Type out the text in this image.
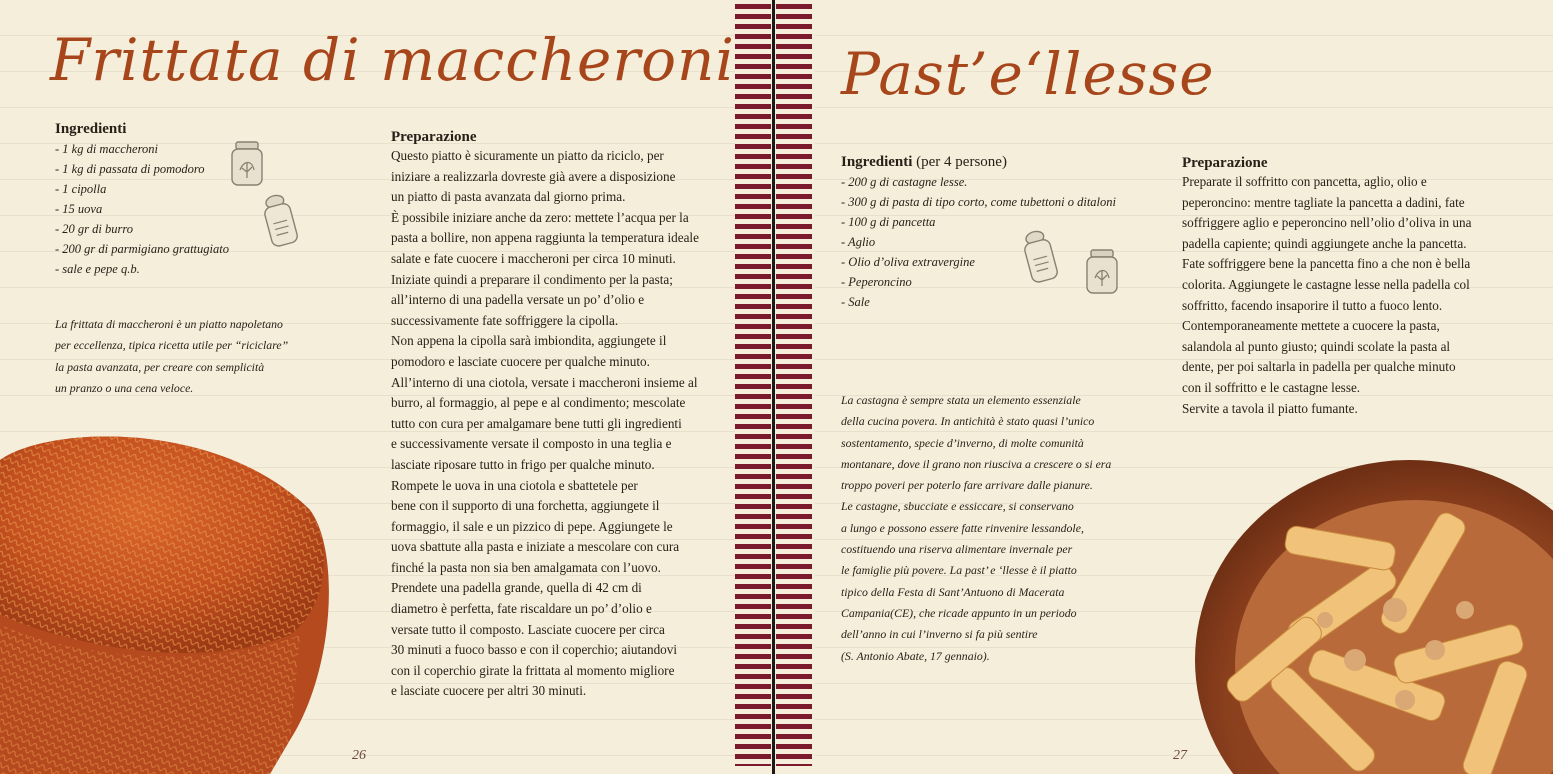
Frittata di maccheroni
Ingredienti
- 1 kg di maccheroni
- 1 kg di passata di pomodoro
- 1 cipolla
- 15 uova
- 20 gr di burro
- 200 gr di parmigiano grattugiato
- sale e pepe q.b.
La frittata di maccheroni è un piatto napoletano
per eccellenza, tipica ricetta utile per “riciclare”
la pasta avanzata, per creare con semplicità
un pranzo o una cena veloce.
Preparazione

Questo piatto è sicuramente un piatto da riciclo, per

iniziare a realizzarla dovreste già avere a disposizione

un piatto di pasta avanzata dal giorno prima.

È possibile iniziare anche da zero: mettete l’acqua per la

pasta a bollire, non appena raggiunta la temperatura ideale

salate e fate cuocere i maccheroni per circa 10 minuti.

Iniziate quindi a preparare il condimento per la pasta;

all’interno di una padella versate un po’ d’olio e

successivamente fate soffriggere la cipolla.

Non appena la cipolla sarà imbiondita, aggiungete il

pomodoro e lasciate cuocere per qualche minuto.

All’interno di una ciotola, versate i maccheroni insieme al

burro, al formaggio, al pepe e al condimento; mescolate

tutto con cura per amalgamare bene tutti gli ingredienti

e successivamente versate il composto in una teglia e

lasciate riposare tutto in frigo per qualche minuto.

Rompete le uova in una ciotola e sbattetele per

bene con il supporto di una forchetta, aggiungete il

formaggio, il sale e un pizzico di pepe. Aggiungete le

uova sbattute alla pasta e iniziate a mescolare con cura

finché la pasta non sia ben amalgamata con l’uovo.

Prendete una padella grande, quella di 42 cm di

diametro è perfetta, fate riscaldare un po’ d’olio e

versate tutto il composto. Lasciate cuocere per circa

30 minuti a fuoco basso e con il coperchio; aiutandovi

con il coperchio girate la frittata al momento migliore

e lasciate cuocere per altri 30 minuti.

26
Past’e‘llesse
Ingredienti (per 4 persone)
- 200 g di castagne lesse.
- 300 g di pasta di tipo corto, come tubettoni o ditaloni
- 100 g di pancetta
- Aglio
- Olio d’oliva extravergine
- Peperoncino
- Sale
La castagna è sempre stata un elemento essenziale
della cucina povera. In antichità è stato quasi l’unico
sostentamento, specie d’inverno, di molte comunità
montanare, dove il grano non riusciva a crescere o si era
troppo poveri per poterlo fare arrivare dalle pianure.
Le castagne, sbucciate e essiccare, si conservano
a lungo e possono essere fatte rinvenire lessandole,
costituendo una riserva alimentare invernale per
le famiglie più povere. La past’ e ‘llesse è il piatto
tipico della Festa di Sant’Antuono di Macerata
Campania(CE), che ricade appunto in un periodo
dell’anno in cui l’inverno si fa più sentire
(S. Antonio Abate, 17 gennaio).
Preparazione

Preparate il soffritto con pancetta, aglio, olio e

peperoncino: mentre tagliate la pancetta a dadini, fate

soffriggere aglio e peperoncino nell’olio d’oliva in una

padella capiente; quindi aggiungete anche la pancetta.

Fate soffriggere bene la pancetta fino a che non è bella

colorita. Aggiungete le castagne lesse nella padella col

soffritto, facendo insaporire il tutto a fuoco lento.

Contemporaneamente mettete a cuocere la pasta,

salandola al punto giusto; quindi scolate la pasta al

dente, per poi saltarla in padella per qualche minuto

con il soffritto e le castagne lesse.

Servite a tavola il piatto fumante.

27
